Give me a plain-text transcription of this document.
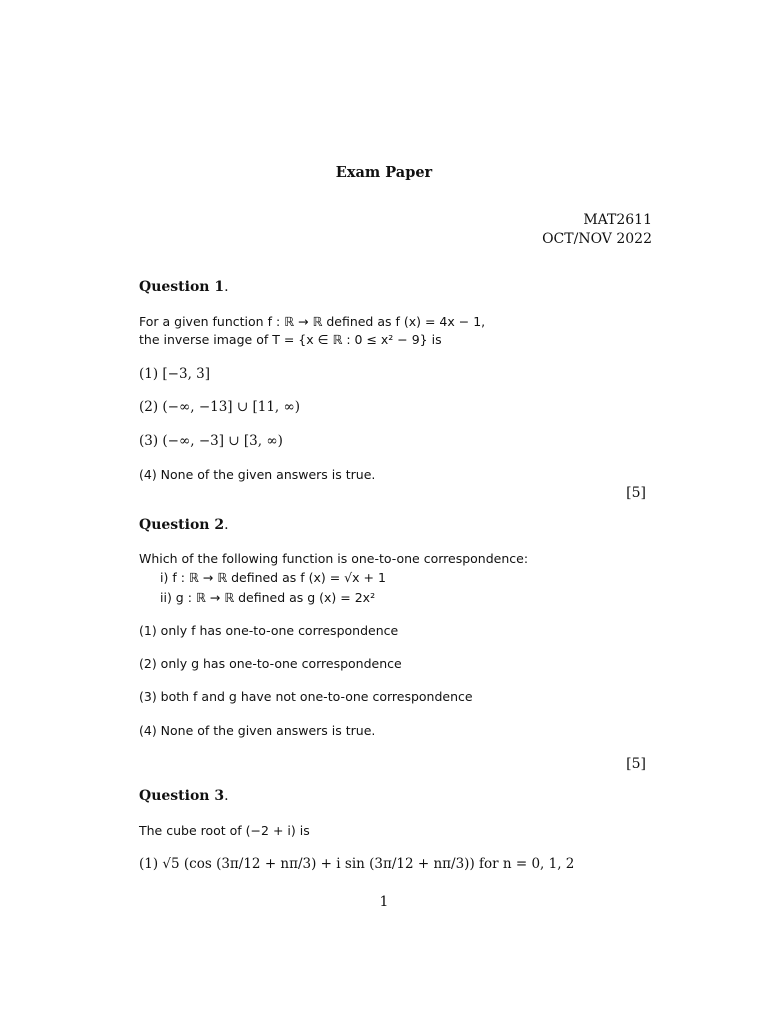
Exam Paper
MAT2611
OCT/NOV 2022
Question 1.
For a given function f : ℝ → ℝ defined as f (x) = 4x − 1,
the inverse image of T = {x ∈ ℝ : 0 ≤ x² − 9} is
(1) [−3, 3]
(2) (−∞, −13] ∪ [11, ∞)
(3) (−∞, −3] ∪ [3, ∞)
(4) None of the given answers is true.
[5]
Question 2.
Which of the following function is one-to-one correspondence:
i) f : ℝ → ℝ defined as f (x) = √x + 1
ii) g : ℝ → ℝ defined as g (x) = 2x²
(1) only f has one-to-one correspondence
(2) only g has one-to-one correspondence
(3) both f and g have not one-to-one correspondence
(4) None of the given answers is true.
[5]
Question 3.
The cube root of (−2 + i) is
(1) √5 (cos (3π/12 + nπ/3) + i sin (3π/12 + nπ/3)) for n = 0, 1, 2
1
